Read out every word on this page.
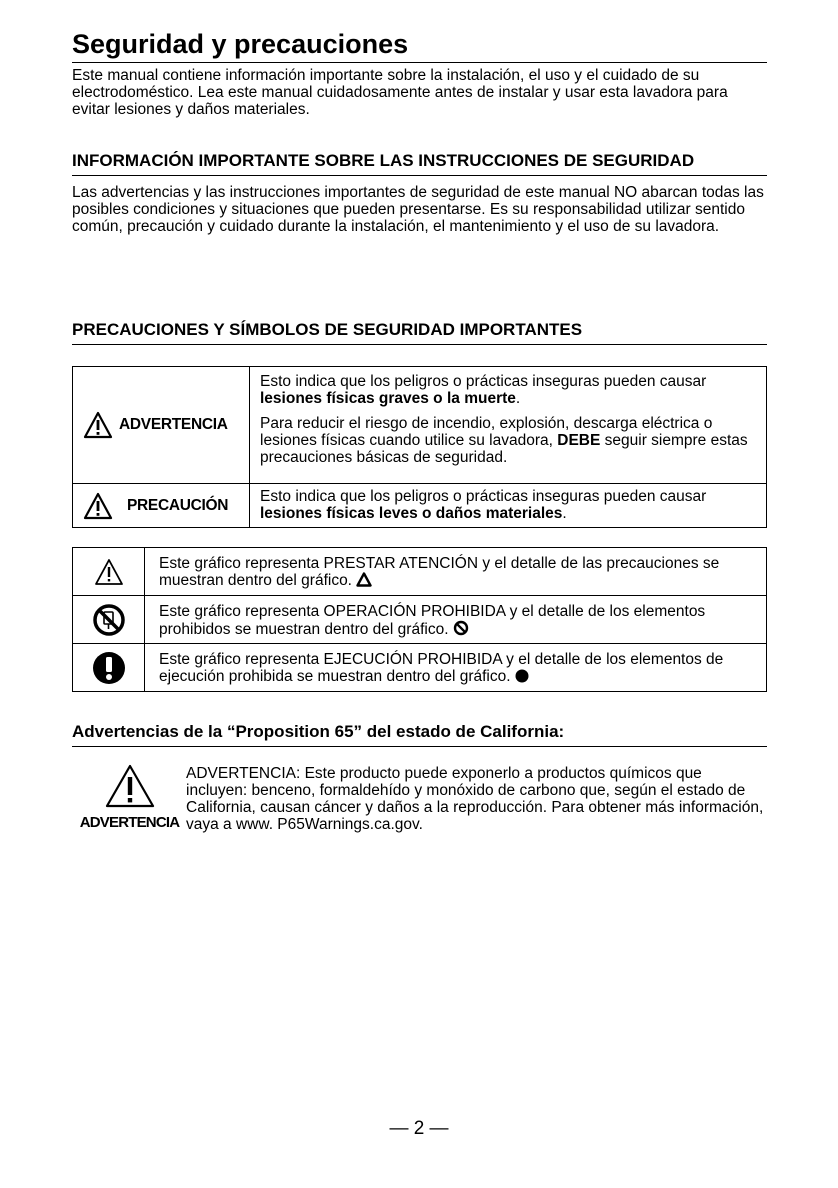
Seguridad y precauciones

Este manual contiene información importante sobre la instalación, el uso y el cuidado de su electrodoméstico. Lea este manual cuidadosamente antes de instalar y usar esta lavadora para evitar lesiones y daños materiales.

INFORMACIÓN IMPORTANTE SOBRE LAS INSTRUCCIONES DE SEGURIDAD

Las advertencias y las instrucciones importantes de seguridad de este manual NO abarcan todas las posibles condiciones y situaciones que pueden presentarse. Es su responsabilidad utilizar sentido común, precaución y cuidado durante la instalación, el mantenimiento y el uso de su lavadora.

PRECAUCIONES Y SÍMBOLOS DE SEGURIDAD IMPORTANTES
ADVERTENCIA

Esto indica que los peligros o prácticas inseguras pueden causar lesiones físicas graves o la muerte.

Para reducir el riesgo de incendio, explosión, descarga eléctrica o lesiones físicas cuando utilice su lavadora, DEBE seguir siempre estas precauciones básicas de seguridad.

PRECAUCIÓN Esto indica que los peligros o prácticas inseguras pueden causar lesiones físicas leves o daños materiales.

Este gráfico representa PRESTAR ATENCIÓN y el detalle de las precauciones se muestran dentro del gráfico.
Este gráfico representa OPERACIÓN PROHIBIDA y el detalle de los elementos prohibidos se muestran dentro del gráfico.
Este gráfico representa EJECUCIÓN PROHIBIDA y el detalle de los elementos de ejecución prohibida se muestran dentro del gráfico.
Advertencias de la “Proposition 65” del estado de California:
ADVERTENCIA
ADVERTENCIA: Este producto puede exponerlo a productos químicos que incluyen: benceno, formaldehído y monóxido de carbono que, según el estado de California, causan cáncer y daños a la reproducción. Para obtener más información, vaya a www. P65Warnings.ca.gov.
— 2 —
